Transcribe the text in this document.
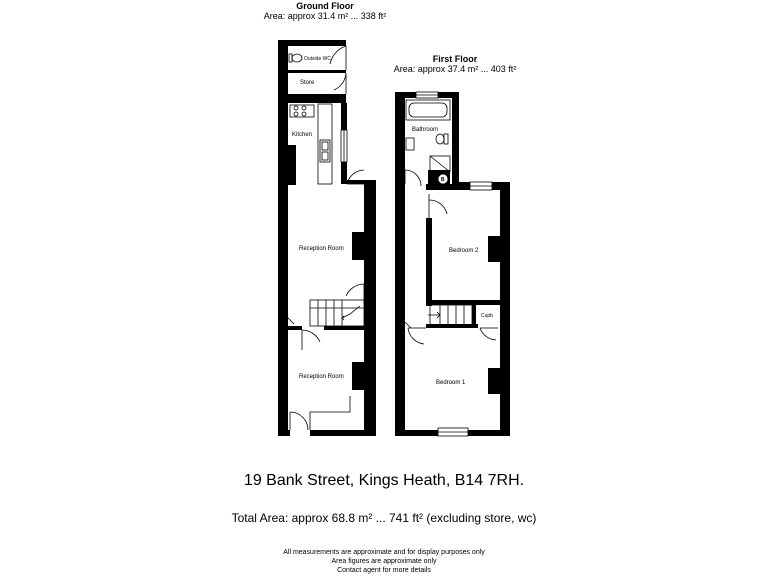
Ground Floor
Area: approx 31.4 m² ... 338 ft²
First Floor
Area: approx 37.4 m² ... 403 ft²
Outside WC
Store
Kitchen
Reception Room
Reception Room
Bathroom
B
Bedroom 2
Cupb
Bedroom 1
19 Bank Street, Kings Heath, B14 7RH.
Total Area: approx 68.8 m² ... 741 ft² (excluding store, wc)
All measurements are approximate and for display purposes only
Area figures are approximate only
Contact agent for more details
